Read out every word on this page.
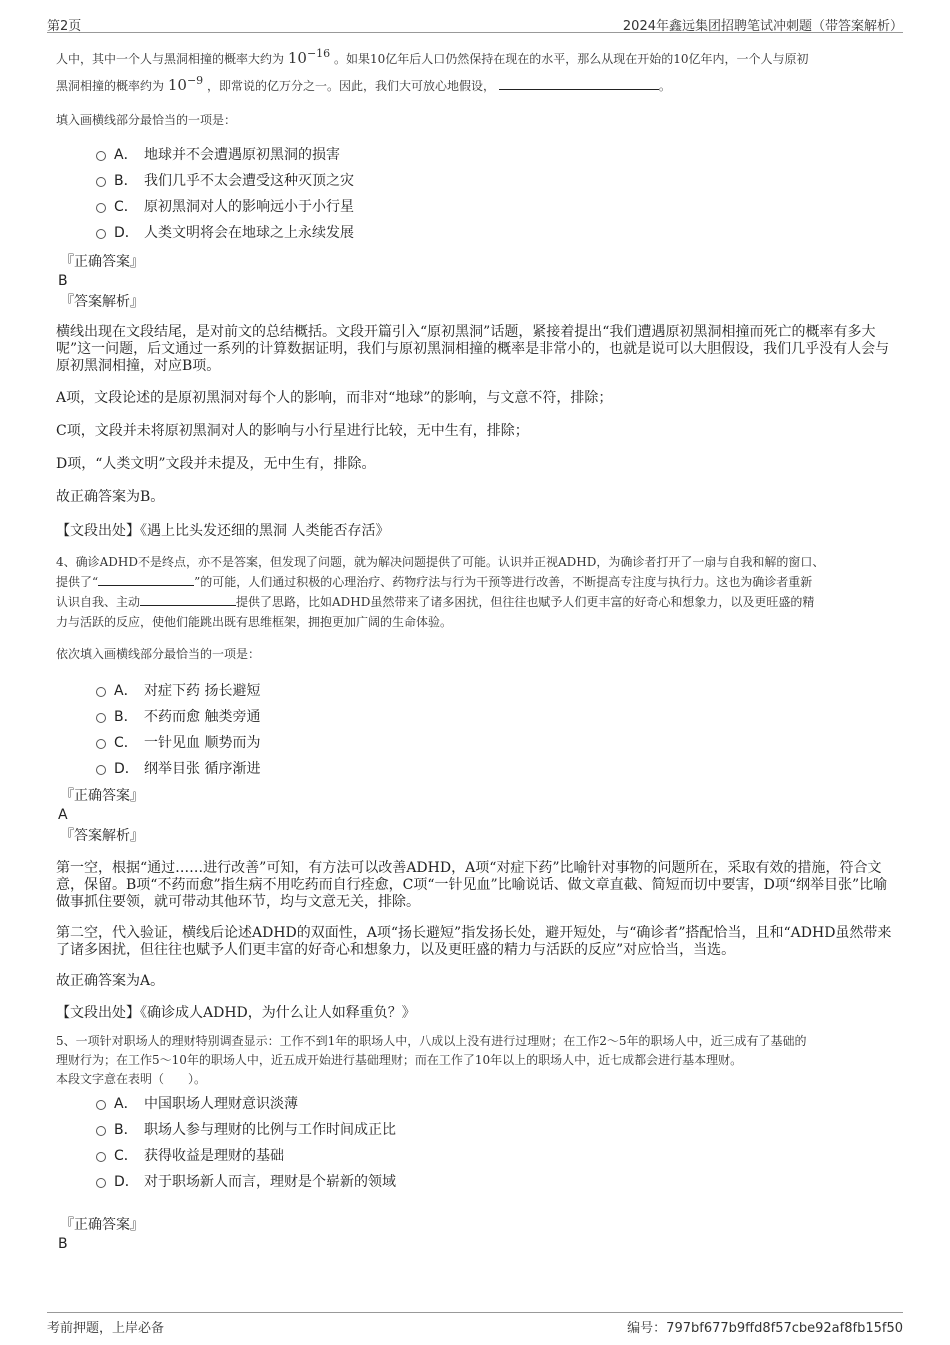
第2页	2024年鑫远集团招聘笔试冲刺题（带答案解析）

人中，其中一个人与黑洞相撞的概率大约为 $10^{-16}$ 。如果10亿年后人口仍然保持在现在的水平，那么从现在开始的10亿年内，一个人与原初

黑洞相撞的概率约为 $10^{-9}$ ，即常说的亿万分之一。因此，我们大可放心地假设，	。

填入画横线部分最恰当的一项是：

A． 地球并不会遭遇原初黑洞的损害
B． 我们几乎不太会遭受这种灭顶之灾
C． 原初黑洞对人的影响远小于小行星
D． 人类文明将会在地球之上永续发展

『正确答案』

B

『答案解析』

横线出现在文段结尾，是对前文的总结概括。文段开篇引入“原初黑洞”话题，紧接着提出“我们遭遇原初黑洞相撞而死亡的概率有多大呢”这一问题，后文通过一系列的计算数据证明，我们与原初黑洞相撞的概率是非常小的，也就是说可以大胆假设，我们几乎没有人会与原初黑洞相撞，对应B项。

A项，文段论述的是原初黑洞对每个人的影响，而非对“地球”的影响，与文意不符，排除；

C项，文段并未将原初黑洞对人的影响与小行星进行比较，无中生有，排除；

D项，“人类文明”文段并未提及，无中生有，排除。

故正确答案为B。

【文段出处】《遇上比头发还细的黑洞 人类能否存活》

4、确诊ADHD不是终点，亦不是答案，但发现了问题，就为解决问题提供了可能。认识并正视ADHD，为确诊者打开了一扇与自我和解的窗口、
提供了“	”的可能，人们通过积极的心理治疗、药物疗法与行为干预等进行改善，不断提高专注度与执行力。这也为确诊者重新
认识自我、主动	提供了思路，比如ADHD虽然带来了诸多困扰，但往往也赋予人们更丰富的好奇心和想象力，以及更旺盛的精
力与活跃的反应，使他们能跳出既有思维框架，拥抱更加广阔的生命体验。

依次填入画横线部分最恰当的一项是：

A． 对症下药 扬长避短
B． 不药而愈 触类旁通
C． 一针见血 顺势而为
D． 纲举目张 循序渐进

『正确答案』

A

『答案解析』

第一空，根据“通过……进行改善”可知，有方法可以改善ADHD，A项“对症下药”比喻针对事物的问题所在，采取有效的措施，符合文意，保留。B项“不药而愈”指生病不用吃药而自行痊愈，C项“一针见血”比喻说话、做文章直截、简短而切中要害，D项“纲举目张”比喻做事抓住要领，就可带动其他环节，均与文意无关，排除。

第二空，代入验证，横线后论述ADHD的双面性，A项“扬长避短”指发扬长处，避开短处，与“确诊者”搭配恰当，且和“ADHD虽然带来了诸多困扰，但往往也赋予人们更丰富的好奇心和想象力，以及更旺盛的精力与活跃的反应”对应恰当，当选。

故正确答案为A。

【文段出处】《确诊成人ADHD，为什么让人如释重负？》

5、一项针对职场人的理财特别调查显示：工作不到1年的职场人中，八成以上没有进行过理财；在工作2～5年的职场人中，近三成有了基础的
理财行为；在工作5～10年的职场人中，近五成开始进行基础理财；而在工作了10年以上的职场人中，近七成都会进行基本理财。
本段文字意在表明（　　）。

A． 中国职场人理财意识淡薄
B． 职场人参与理财的比例与工作时间成正比
C． 获得收益是理财的基础
D． 对于职场新人而言，理财是个崭新的领域

『正确答案』

B

考前押题，上岸必备	编号：797bf677b9ffd8f57cbe92af8fb15f50
